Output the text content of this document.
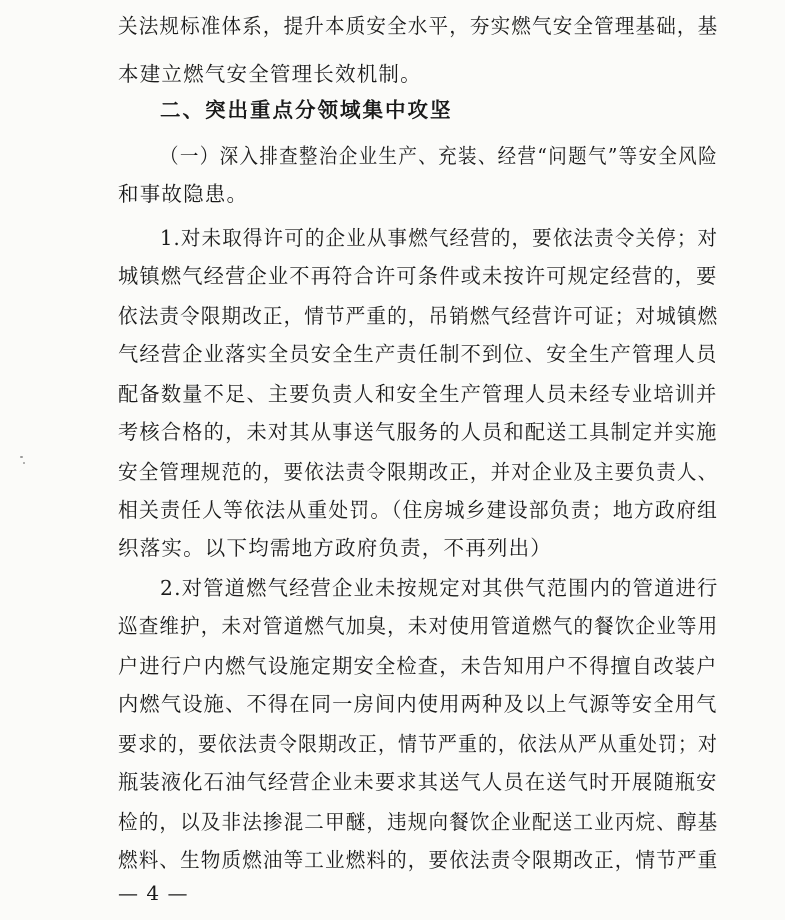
关法规标准体系，提升本质安全水平，夯实燃气安全管理基础，基
本建立燃气安全管理长效机制。
二、突出重点分领域集中攻坚
（一）深入排查整治企业生产、充装、经营“问题气”等安全风险
和事故隐患。
1.对未取得许可的企业从事燃气经营的，要依法责令关停；对
城镇燃气经营企业不再符合许可条件或未按许可规定经营的，要
依法责令限期改正，情节严重的，吊销燃气经营许可证；对城镇燃
气经营企业落实全员安全生产责任制不到位、安全生产管理人员
配备数量不足、主要负责人和安全生产管理人员未经专业培训并
考核合格的，未对其从事送气服务的人员和配送工具制定并实施
安全管理规范的，要依法责令限期改正，并对企业及主要负责人、
相关责任人等依法从重处罚。（住房城乡建设部负责；地方政府组
织落实。以下均需地方政府负责，不再列出）
2.对管道燃气经营企业未按规定对其供气范围内的管道进行
巡查维护，未对管道燃气加臭，未对使用管道燃气的餐饮企业等用
户进行户内燃气设施定期安全检查，未告知用户不得擅自改装户
内燃气设施、不得在同一房间内使用两种及以上气源等安全用气
要求的，要依法责令限期改正，情节严重的，依法从严从重处罚；对
瓶装液化石油气经营企业未要求其送气人员在送气时开展随瓶安
检的，以及非法掺混二甲醚，违规向餐饮企业配送工业丙烷、醇基
燃料、生物质燃油等工业燃料的，要依法责令限期改正，情节严重
— 4 —
